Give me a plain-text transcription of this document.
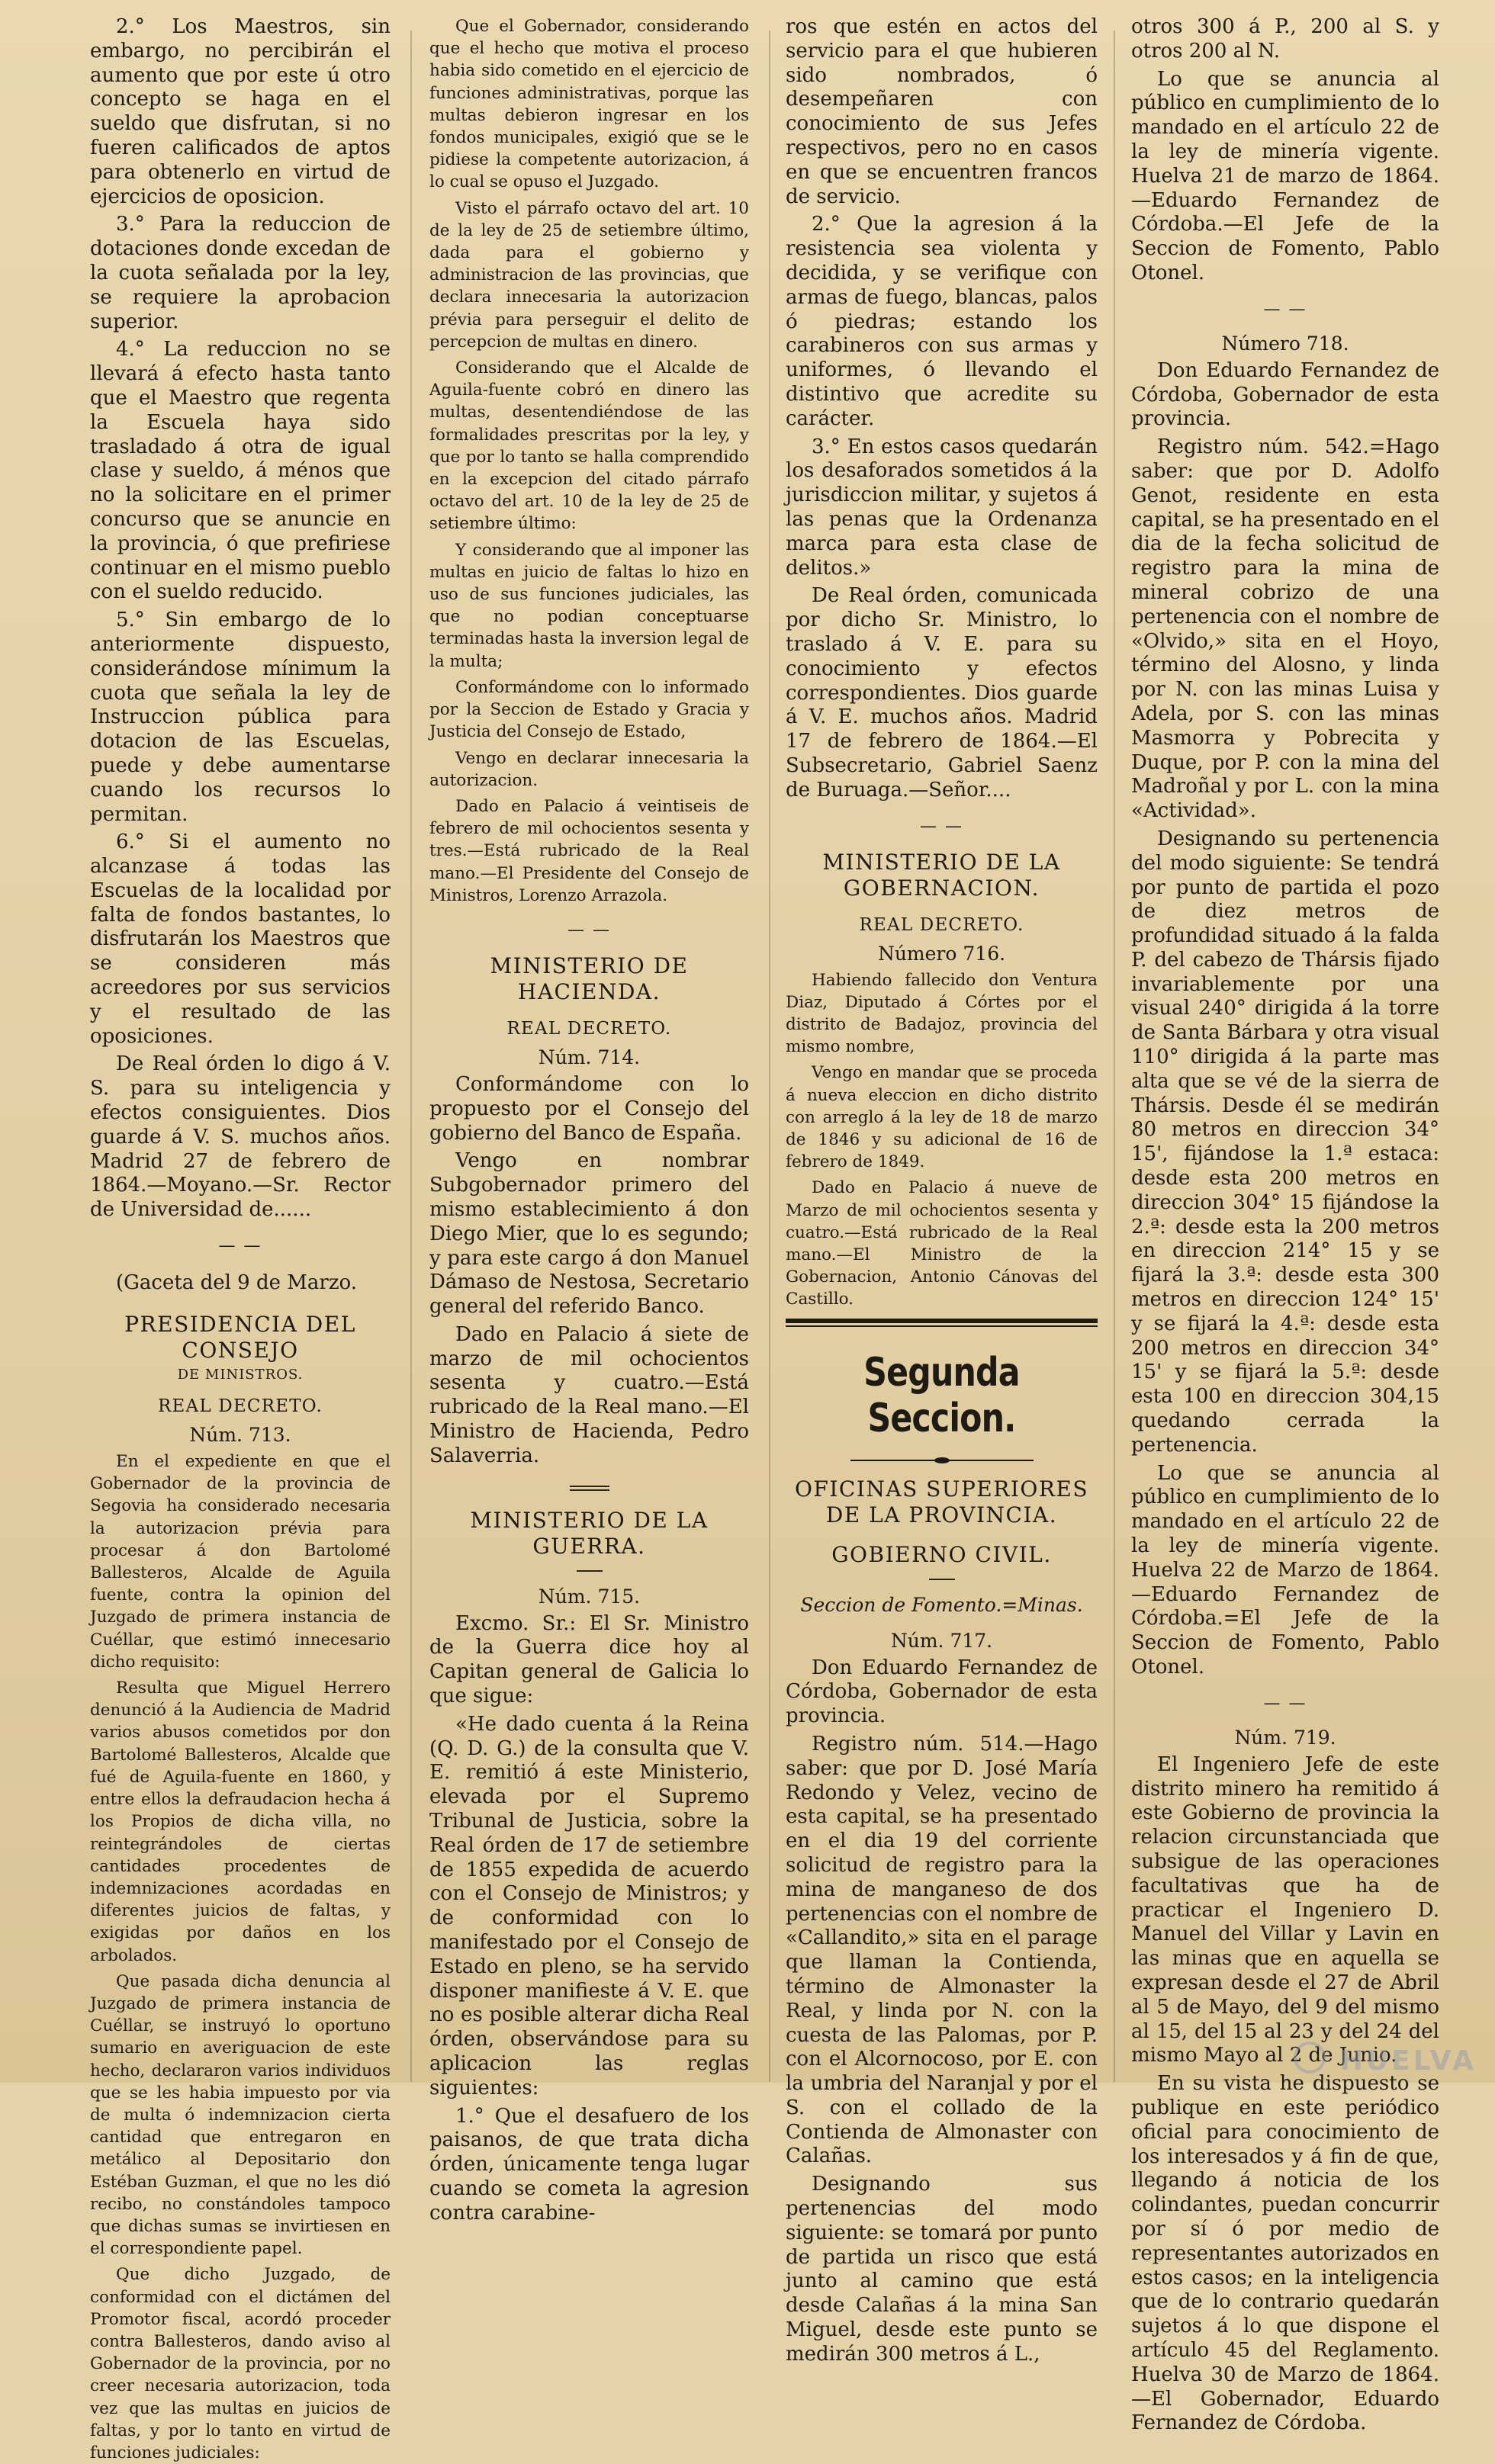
2.° Los Maestros, sin embargo, no percibirán el aumento que por este ú otro concepto se haga en el sueldo que disfrutan, si no fueren calificados de aptos para obtenerlo en virtud de ejercicios de oposicion.

3.° Para la reduccion de dotaciones donde excedan de la cuota señalada por la ley, se requiere la aprobacion superior.

4.° La reduccion no se llevará á efecto hasta tanto que el Maestro que regenta la Escuela haya sido trasladado á otra de igual clase y sueldo, á ménos que no la solicitare en el primer concurso que se anuncie en la provincia, ó que prefiriese continuar en el mismo pueblo con el sueldo reducido.

5.° Sin embargo de lo anteriormente dispuesto, considerándose mínimum la cuota que señala la ley de Instruccion pública para dotacion de las Escuelas, puede y debe aumentarse cuando los recursos lo permitan.

6.° Si el aumento no alcanzase á todas las Escuelas de la localidad por falta de fondos bastantes, lo disfrutarán los Maestros que se consideren más acreedores por sus servicios y el resultado de las oposiciones.

De Real órden lo digo á V. S. para su inteligencia y efectos consiguientes. Dios guarde á V. S. muchos años. Madrid 27 de febrero de 1864.—Moyano.—Sr. Rector de Universidad de......

— —

(Gaceta del 9 de Marzo.

PRESIDENCIA DEL CONSEJO
DE MINISTROS.
REAL DECRETO.
Núm. 713.

En el expediente en que el Gobernador de la provincia de Segovia ha considerado necesaria la autorizacion prévia para procesar á don Bartolomé Ballesteros, Alcalde de Aguila fuente, contra la opinion del Juzgado de primera instancia de Cuéllar, que estimó innecesario dicho requisito:

Resulta que Miguel Herrero denunció á la Audiencia de Madrid varios abusos cometidos por don Bartolomé Ballesteros, Alcalde que fué de Aguila-fuente en 1860, y entre ellos la defraudacion hecha á los Propios de dicha villa, no reintegrándoles de ciertas cantidades procedentes de indemnizaciones acordadas en diferentes juicios de faltas, y exigidas por daños en los arbolados.

Que pasada dicha denuncia al Juzgado de primera instancia de Cuéllar, se instruyó lo oportuno sumario en averiguacion de este hecho, declararon varios individuos que se les habia impuesto por via de multa ó indemnizacion cierta cantidad que entregaron en metálico al Depositario don Estéban Guzman, el que no les dió recibo, no constándoles tampoco que dichas sumas se invirtiesen en el correspondiente papel.

Que dicho Juzgado, de conformidad con el dictámen del Promotor fiscal, acordó proceder contra Ballesteros, dando aviso al Gobernador de la provincia, por no creer necesaria autorizacion, toda vez que las multas en juicios de faltas, y por lo tanto en virtud de funciones judiciales:

Que el Gobernador, considerando que el hecho que motiva el proceso habia sido cometido en el ejercicio de funciones administrativas, porque las multas debieron ingresar en los fondos municipales, exigió que se le pidiese la competente autorizacion, á lo cual se opuso el Juzgado.

Visto el párrafo octavo del art. 10 de la ley de 25 de setiembre último, dada para el gobierno y administracion de las provincias, que declara innecesaria la autorizacion prévia para perseguir el delito de percepcion de multas en dinero.

Considerando que el Alcalde de Aguila-fuente cobró en dinero las multas, desentendiéndose de las formalidades prescritas por la ley, y que por lo tanto se halla comprendido en la excepcion del citado párrafo octavo del art. 10 de la ley de 25 de setiembre último:

Y considerando que al imponer las multas en juicio de faltas lo hizo en uso de sus funciones judiciales, las que no podian conceptuarse terminadas hasta la inversion legal de la multa;

Conformándome con lo informado por la Seccion de Estado y Gracia y Justicia del Consejo de Estado,

Vengo en declarar innecesaria la autorizacion.

Dado en Palacio á veintiseis de febrero de mil ochocientos sesenta y tres.—Está rubricado de la Real mano.—El Presidente del Consejo de Ministros, Lorenzo Arrazola.

— —
MINISTERIO DE HACIENDA.
REAL DECRETO.
Núm. 714.

Conformándome con lo propuesto por el Consejo del gobierno del Banco de España.

Vengo en nombrar Subgobernador primero del mismo establecimiento á don Diego Mier, que lo es segundo; y para este cargo á don Manuel Dámaso de Nestosa, Secretario general del referido Banco.

Dado en Palacio á siete de marzo de mil ochocientos sesenta y cuatro.—Está rubricado de la Real mano.—El Ministro de Hacienda, Pedro Salaverria.

MINISTERIO DE LA GUERRA.
Núm. 715.

Excmo. Sr.: El Sr. Ministro de la Guerra dice hoy al Capitan general de Galicia lo que sigue:

«He dado cuenta á la Reina (Q. D. G.) de la consulta que V. E. remitió á este Ministerio, elevada por el Supremo Tribunal de Justicia, sobre la Real órden de 17 de setiembre de 1855 expedida de acuerdo con el Consejo de Ministros; y de conformidad con lo manifestado por el Consejo de Estado en pleno, se ha servido disponer manifieste á V. E. que no es posible alterar dicha Real órden, observándose para su aplicacion las reglas siguientes:

1.° Que el desafuero de los paisanos, de que trata dicha órden, únicamente tenga lugar cuando se cometa la agresion contra carabine-

ros que estén en actos del servicio para el que hubieren sido nombrados, ó desempeñaren con conocimiento de sus Jefes respectivos, pero no en casos en que se encuentren francos de servicio.

2.° Que la agresion á la resistencia sea violenta y decidida, y se verifique con armas de fuego, blancas, palos ó piedras; estando los carabineros con sus armas y uniformes, ó llevando el distintivo que acredite su carácter.

3.° En estos casos quedarán los desaforados sometidos á la jurisdiccion militar, y sujetos á las penas que la Ordenanza marca para esta clase de delitos.»

De Real órden, comunicada por dicho Sr. Ministro, lo traslado á V. E. para su conocimiento y efectos correspondientes. Dios guarde á V. E. muchos años. Madrid 17 de febrero de 1864.—El Subsecretario, Gabriel Saenz de Buruaga.—Señor....

— —
MINISTERIO DE LA GOBERNACION.
REAL DECRETO.
Número 716.

Habiendo fallecido don Ventura Diaz, Diputado á Córtes por el distrito de Badajoz, provincia del mismo nombre,

Vengo en mandar que se proceda á nueva eleccion en dicho distrito con arreglo á la ley de 18 de marzo de 1846 y su adicional de 16 de febrero de 1849.

Dado en Palacio á nueve de Marzo de mil ochocientos sesenta y cuatro.—Está rubricado de la Real mano.—El Ministro de la Gobernacion, Antonio Cánovas del Castillo.

Segunda Seccion.
OFICINAS SUPERIORES DE LA PROVINCIA.
GOBIERNO CIVIL.
Seccion de Fomento.=Minas.
Núm. 717.

Don Eduardo Fernandez de Córdoba, Gobernador de esta provincia.

Registro núm. 514.—Hago saber: que por D. José María Redondo y Velez, vecino de esta capital, se ha presentado en el dia 19 del corriente solicitud de registro para la mina de manganeso de dos pertenencias con el nombre de «Callandito,» sita en el parage que llaman la Contienda, término de Almonaster la Real, y linda por N. con la cuesta de las Palomas, por P. con el Alcornocoso, por E. con la umbria del Naranjal y por el S. con el collado de la Contienda de Almonaster con Calañas.

Designando sus pertenencias del modo siguiente: se tomará por punto de partida un risco que está junto al camino que está desde Calañas á la mina San Miguel, desde este punto se medirán 300 metros á L.,

otros 300 á P., 200 al S. y otros 200 al N.

Lo que se anuncia al público en cumplimiento de lo mandado en el artículo 22 de la ley de minería vigente. Huelva 21 de marzo de 1864.—Eduardo Fernandez de Córdoba.—El Jefe de la Seccion de Fomento, Pablo Otonel.

— —
Número 718.

Don Eduardo Fernandez de Córdoba, Gobernador de esta provincia.

Registro núm. 542.=Hago saber: que por D. Adolfo Genot, residente en esta capital, se ha presentado en el dia de la fecha solicitud de registro para la mina de mineral cobrizo de una pertenencia con el nombre de «Olvido,» sita en el Hoyo, término del Alosno, y linda por N. con las minas Luisa y Adela, por S. con las minas Masmorra y Pobrecita y Duque, por P. con la mina del Madroñal y por L. con la mina «Actividad».

Designando su pertenencia del modo siguiente: Se tendrá por punto de partida el pozo de diez metros de profundidad situado á la falda P. del cabezo de Thársis fijado invariablemente por una visual 240° dirigida á la torre de Santa Bárbara y otra visual 110° dirigida á la parte mas alta que se vé de la sierra de Thársis. Desde él se medirán 80 metros en direccion 34° 15', fijándose la 1.ª estaca: desde esta 200 metros en direccion 304° 15 fijándose la 2.ª: desde esta la 200 metros en direccion 214° 15 y se fijará la 3.ª: desde esta 300 metros en direccion 124° 15' y se fijará la 4.ª: desde esta 200 metros en direccion 34° 15' y se fijará la 5.ª: desde esta 100 en direccion 304,15 quedando cerrada la pertenencia.

Lo que se anuncia al público en cumplimiento de lo mandado en el artículo 22 de la ley de minería vigente. Huelva 22 de Marzo de 1864.—Eduardo Fernandez de Córdoba.=El Jefe de la Seccion de Fomento, Pablo Otonel.

— —
Núm. 719.

El Ingeniero Jefe de este distrito minero ha remitido á este Gobierno de provincia la relacion circunstanciada que subsigue de las operaciones facultativas que ha de practicar el Ingeniero D. Manuel del Villar y Lavin en las minas que en aquella se expresan desde el 27 de Abril al 5 de Mayo, del 9 del mismo al 15, del 15 al 23 y del 24 del mismo Mayo al 2 de Junio.

En su vista he dispuesto se publique en este periódico oficial para conocimiento de los interesados y á fin de que, llegando á noticia de los colindantes, puedan concurrir por sí ó por medio de representantes autorizados en estos casos; en la inteligencia que de lo contrario quedarán sujetos á lo que dispone el artículo 45 del Reglamento. Huelva 30 de Marzo de 1864.—El Gobernador, Eduardo Fernandez de Córdoba.

HUELVA
